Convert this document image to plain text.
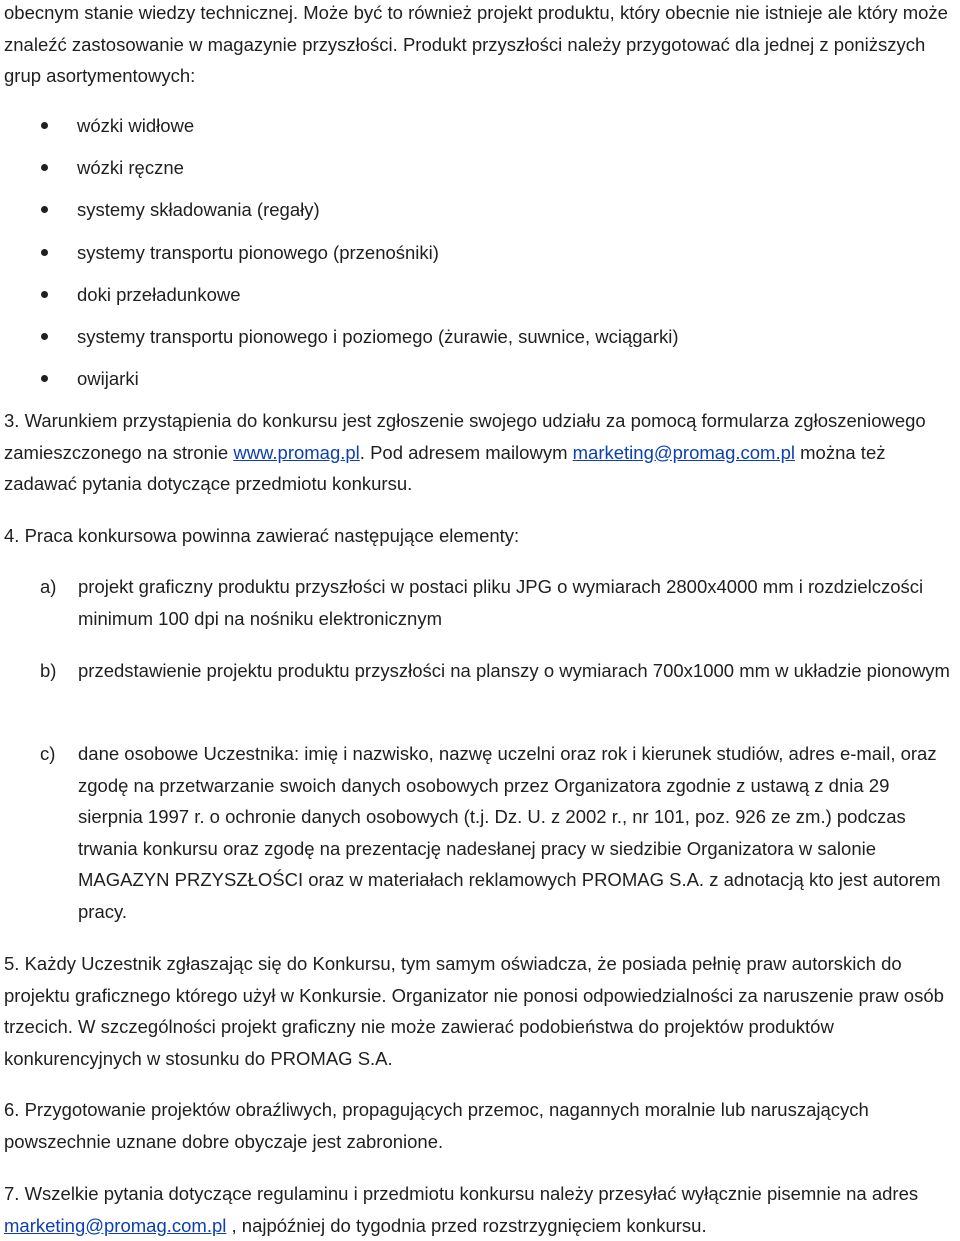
obecnym stanie wiedzy technicznej. Może być to również projekt produktu, który obecnie nie istnieje ale który może znaleźć zastosowanie w magazynie przyszłości. Produkt przyszłości należy przygotować dla jednej z poniższych grup asortymentowych:

wózki widłowe
wózki ręczne
systemy składowania (regały)
systemy transportu pionowego (przenośniki)
doki przeładunkowe
systemy transportu pionowego i poziomego (żurawie, suwnice, wciągarki)
owijarki

3. Warunkiem przystąpienia do konkursu jest zgłoszenie swojego udziału za pomocą formularza zgłoszeniowego zamieszczonego na stronie www.promag.pl. Pod adresem mailowym marketing@promag.com.pl można też zadawać pytania dotyczące przedmiotu konkursu.

4. Praca konkursowa powinna zawierać następujące elementy:

a) projekt graficzny produktu przyszłości w postaci pliku JPG o wymiarach 2800x4000 mm i rozdzielczości minimum 100 dpi na nośniku elektronicznym
b) przedstawienie projektu produktu przyszłości na planszy o wymiarach 700x1000 mm w układzie pionowym
c) dane osobowe Uczestnika: imię i nazwisko, nazwę uczelni oraz rok i kierunek studiów, adres e-mail, oraz zgodę na przetwarzanie swoich danych osobowych przez Organizatora zgodnie z ustawą z dnia 29 sierpnia 1997 r. o ochronie danych osobowych (t.j. Dz. U. z 2002 r., nr 101, poz. 926 ze zm.) podczas trwania konkursu oraz zgodę na prezentację nadesłanej pracy w siedzibie Organizatora w salonie MAGAZYN PRZYSZŁOŚCI oraz w materiałach reklamowych PROMAG S.A. z adnotacją kto jest autorem pracy.

5. Każdy Uczestnik zgłaszając się do Konkursu, tym samym oświadcza, że posiada pełnię praw autorskich do projektu graficznego którego użył w Konkursie. Organizator nie ponosi odpowiedzialności za naruszenie praw osób trzecich. W szczególności projekt graficzny nie może zawierać podobieństwa do projektów produktów konkurencyjnych w stosunku do PROMAG S.A.

6. Przygotowanie projektów obraźliwych, propagujących przemoc, nagannych moralnie lub naruszających powszechnie uznane dobre obyczaje jest zabronione.

7. Wszelkie pytania dotyczące regulaminu i przedmiotu konkursu należy przesyłać wyłącznie pisemnie na adres marketing@promag.com.pl , najpóźniej do tygodnia przed rozstrzygnięciem konkursu.
